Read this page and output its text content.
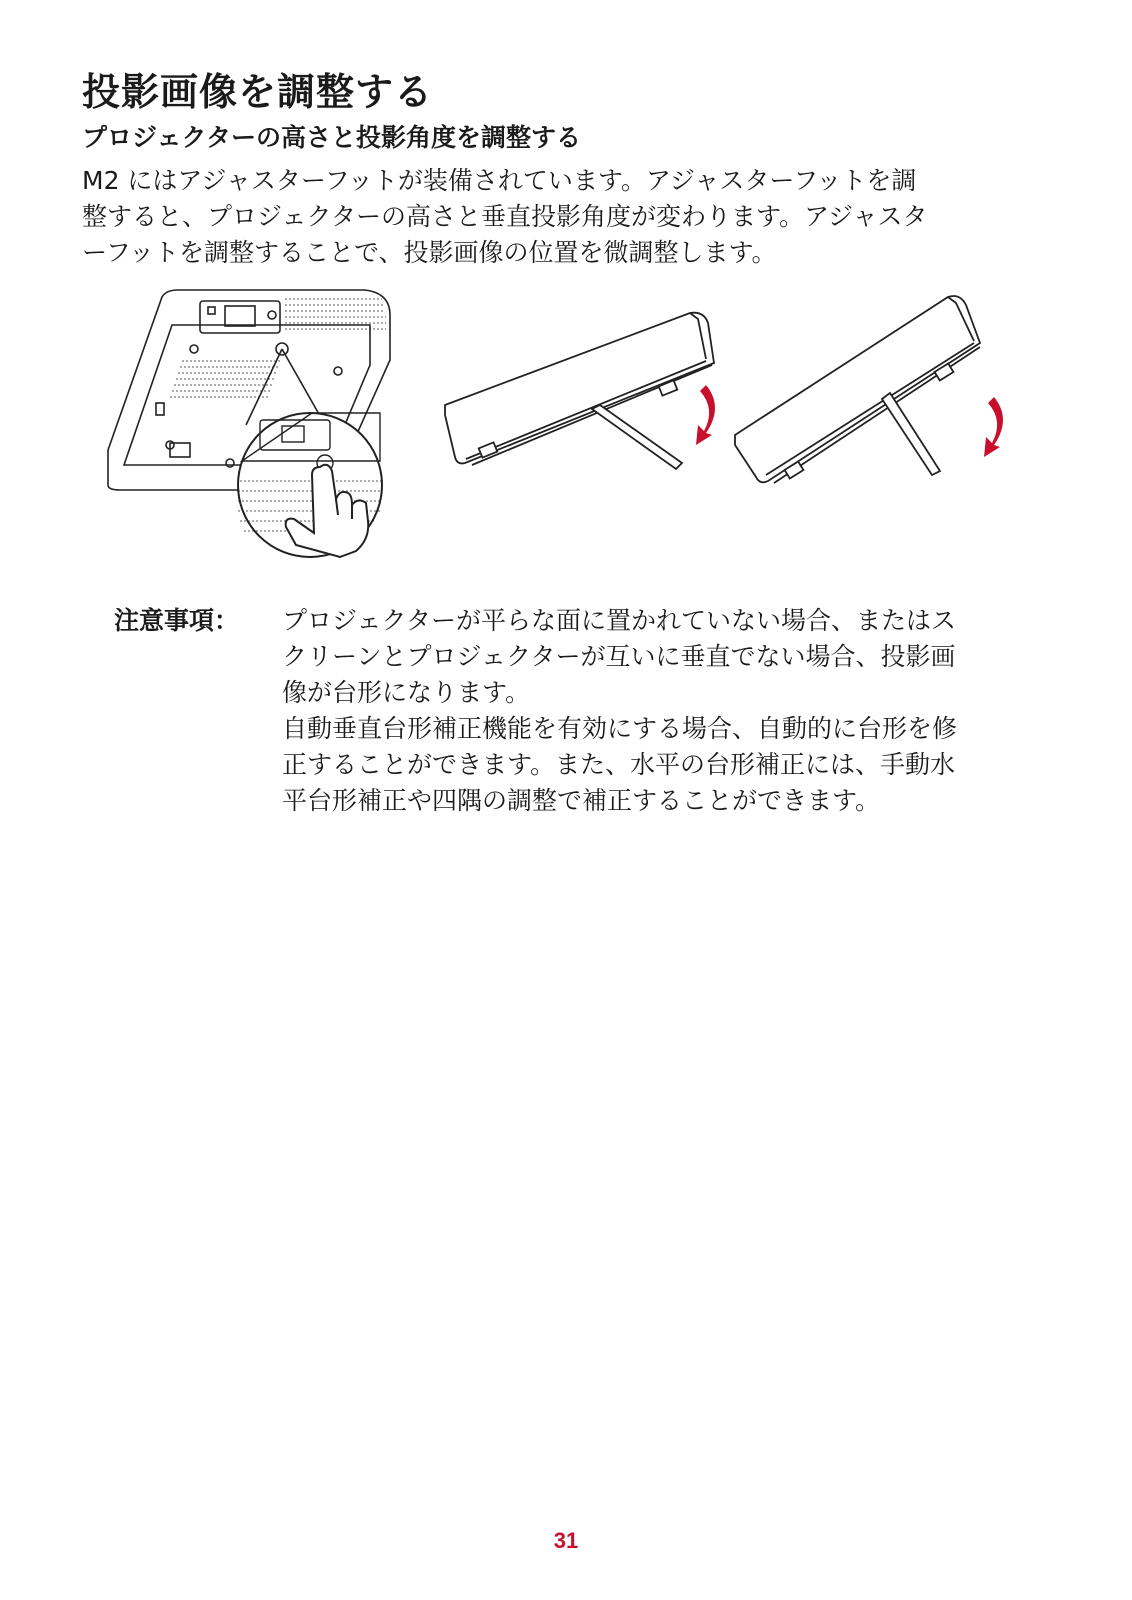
投影画像を調整する
プロジェクターの高さと投影角度を調整する
M2 にはアジャスターフットが装備されています。アジャスターフットを調
整すると、プロジェクターの高さと垂直投影角度が変わります。アジャスタ
ーフットを調整することで、投影画像の位置を微調整します。
注意事項： プロジェクターが平らな面に置かれていない場合、またはス
クリーンとプロジェクターが互いに垂直でない場合、投影画
像が台形になります。
自動垂直台形補正機能を有効にする場合、自動的に台形を修
正することができます。また、水平の台形補正には、手動水
平台形補正や四隅の調整で補正することができます。
31
